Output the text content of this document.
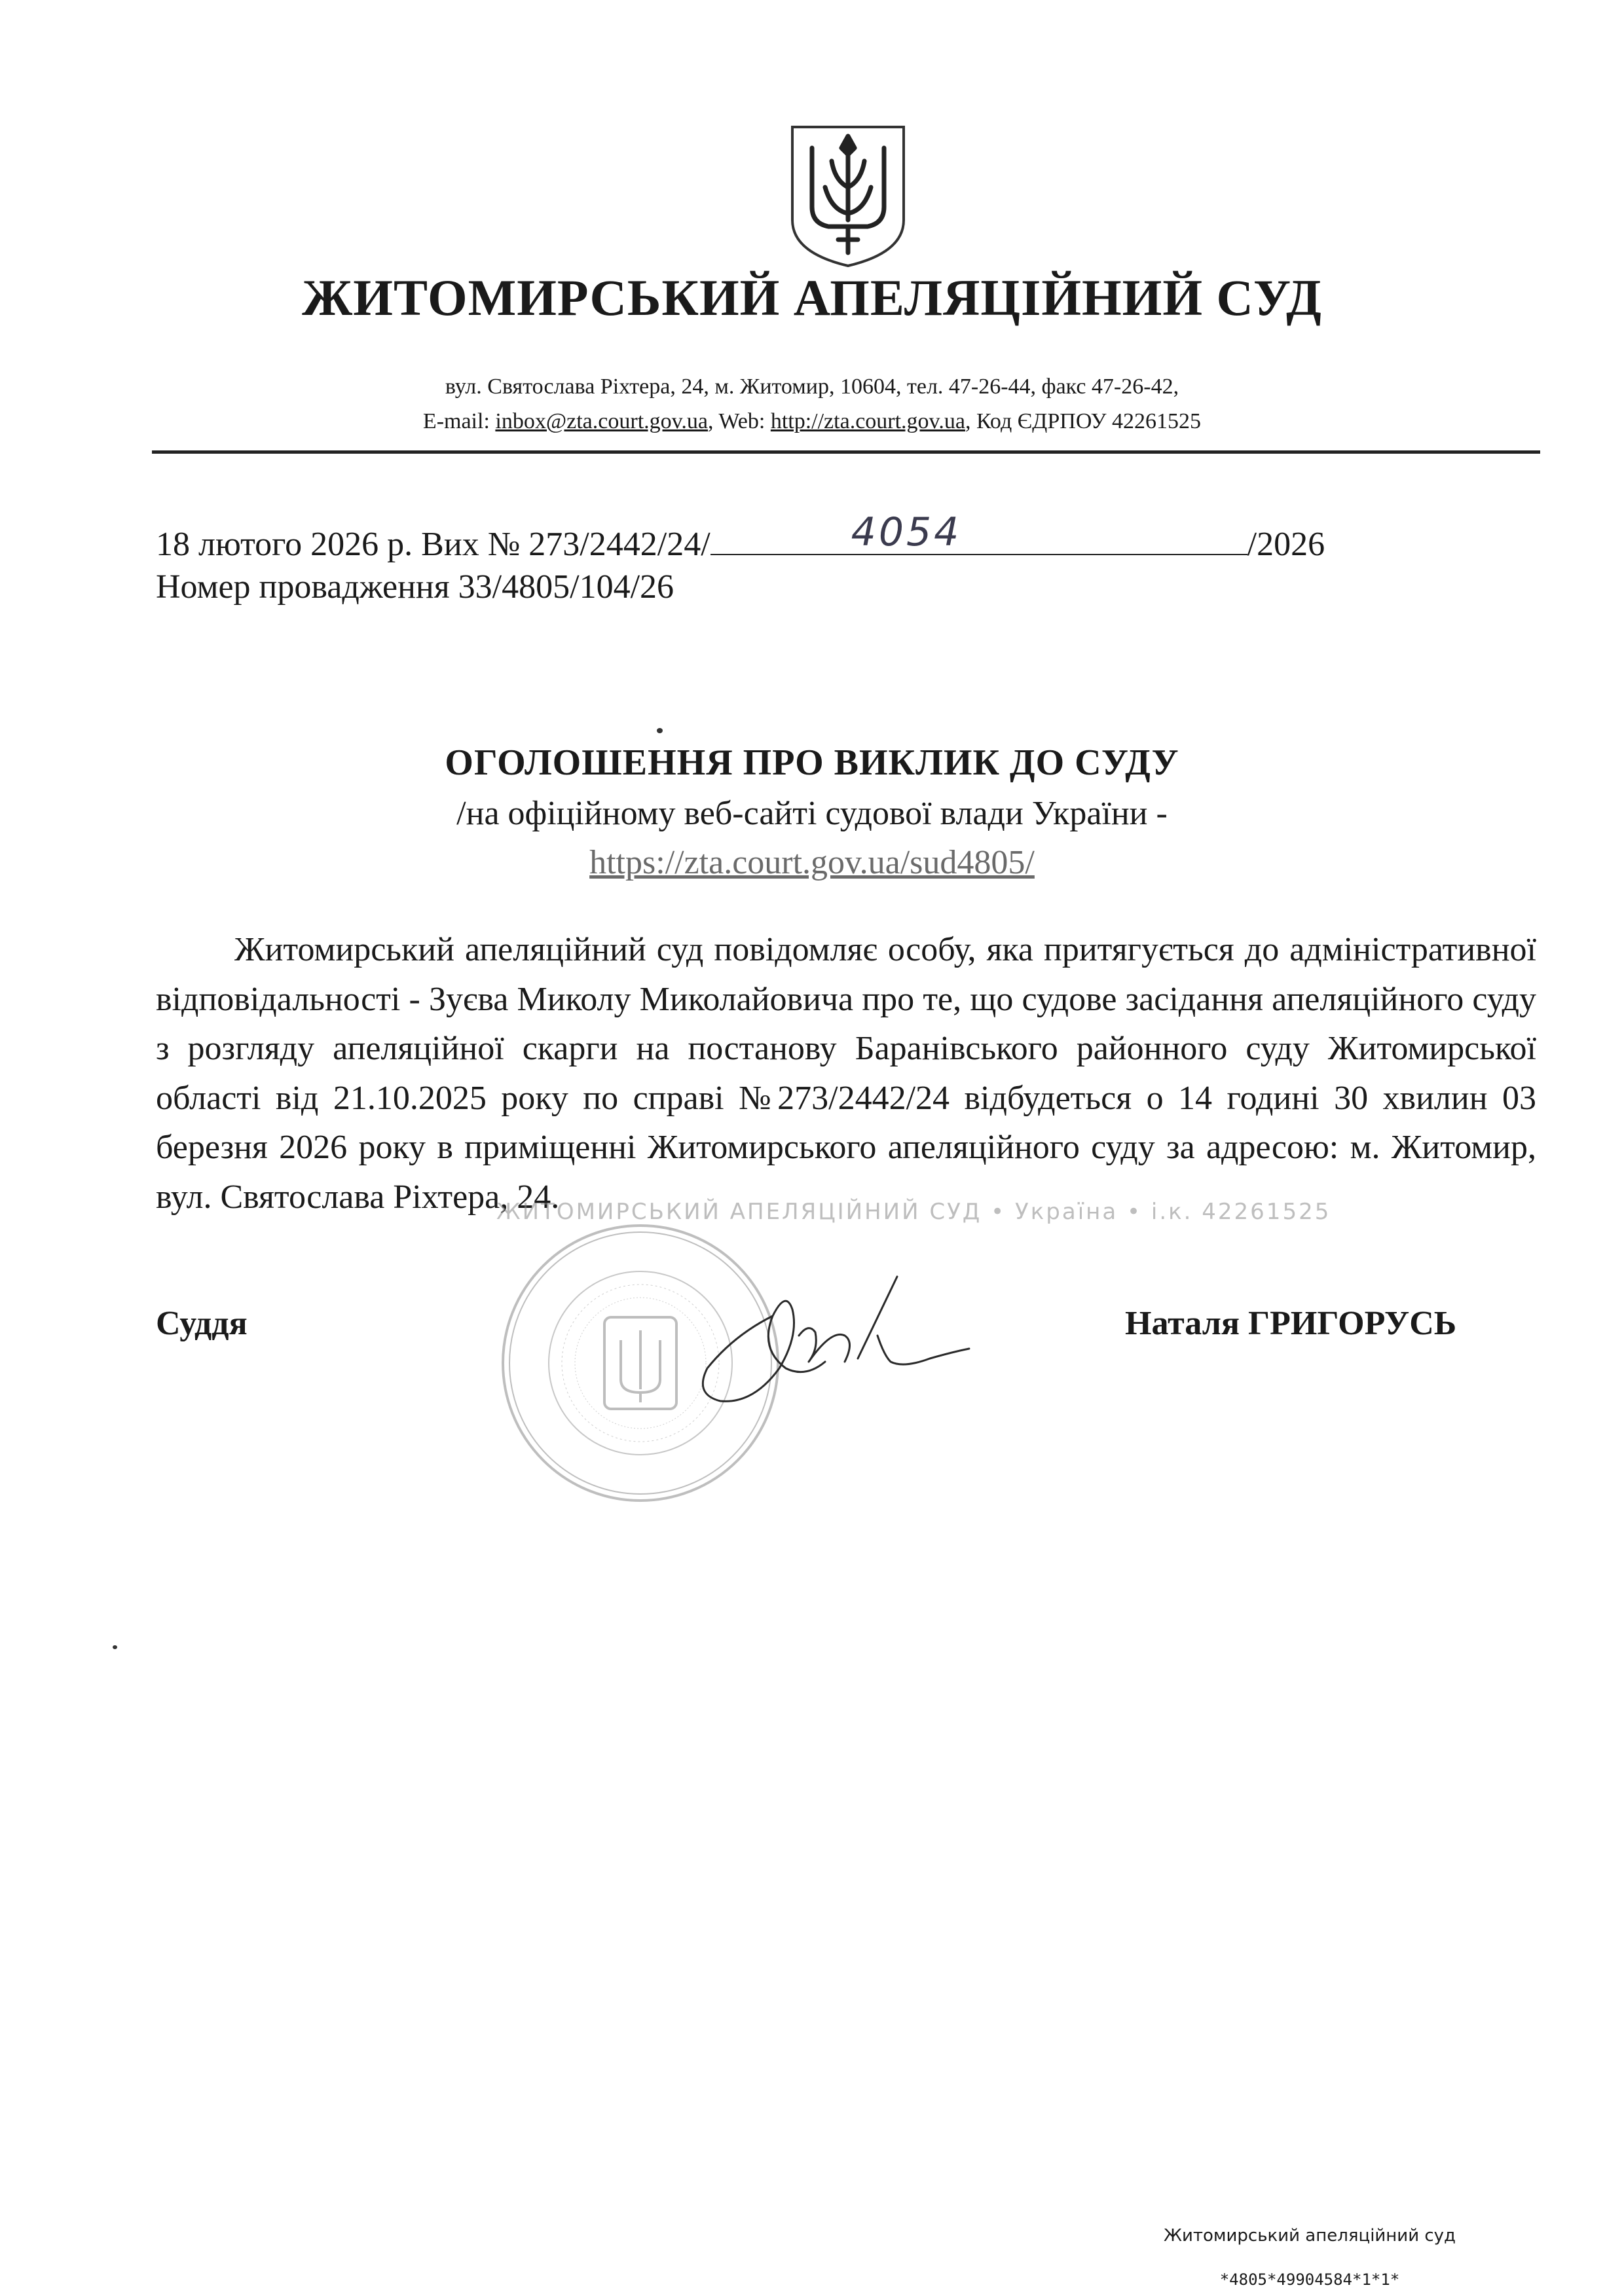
ЖИТОМИРСЬКИЙ АПЕЛЯЦІЙНИЙ СУД
вул. Святослава Ріхтера, 24, м. Житомир, 10604, тел. 47-26-44, факс 47-26-42,
E-mail: inbox@zta.court.gov.ua, Web: http://zta.court.gov.ua, Код ЄДРПОУ 42261525
18 лютого 2026 р. Вих № 273/2442/24/	4054	/2026
Номер провадження 33/4805/104/26
ОГОЛОШЕННЯ ПРО ВИКЛИК ДО СУДУ
/на офіційному веб-сайті судової влади України -
https://zta.court.gov.ua/sud4805/
Житомирський апеляційний суд повідомляє особу, яка притягується до адміністративної відповідальності - Зуєва Миколу Миколайовича про те, що судове засідання апеляційного суду з розгляду апеляційної скарги на постанову Баранівського районного суду Житомирської області від 21.10.2025 року по справі №273/2442/24 відбудеться о 14 годині 30 хвилин 03 березня 2026 року в приміщенні Житомирського апеляційного суду за адресою: м. Житомир, вул. Святослава Ріхтера, 24.
ЖИТОМИРСЬКИЙ АПЕЛЯЦІЙНИЙ СУД • Україна • і.к. 42261525
Суддя	Наталя ГРИГОРУСЬ
Житомирський апеляційний суд
*4805*49904584*1*1*
